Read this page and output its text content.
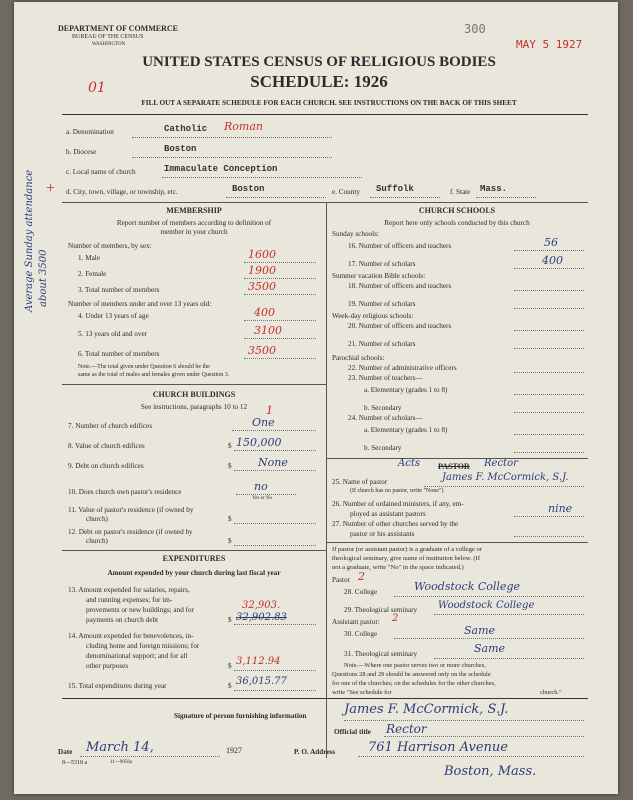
DEPARTMENT OF COMMERCE
BUREAU OF THE CENSUS
WASHINGTON
300
MAY 5 1927
UNITED STATES CENSUS OF RELIGIOUS BODIES
SCHEDULE: 1926
01
FILL OUT A SEPARATE SCHEDULE FOR EACH CHURCH. SEE INSTRUCTIONS ON THE BACK OF THIS SHEET
Average Sunday attendance about 3500
+
a. Denomination	Catholic Roman
b. Diocese	Boston
c. Local name of church	Immaculate Conception
d. City, town, village, or township, etc.	Boston	e. County Suffolk	f. State Mass.
MEMBERSHIP
Report number of members according to definition of
member in your church
Number of members, by sex:
1. Male	1600
2. Female	1900
3. Total number of members	3500
Number of members under and over 13 years old:
4. Under 13 years of age	400
5. 13 years old and over	3100
6. Total number of members	3500
Note.—The total given under Question 6 should be the
same as the total of males and females given under Question 3.
CHURCH BUILDINGS
See instructions, paragraphs 10 to 12
7. Number of church edifices
1
One
8. Value of church edifices	$ 150,000
9. Debt on church edifices	$ None
10. Does church own pastor's residence	no
Yes or No
11. Value of pastor's residence (if owned by
church)	$
12. Debt on pastor's residence (if owned by
church)	$
EXPENDITURES
Amount expended by your church during last fiscal year
13. Amount expended for salaries, repairs,
and running expenses; for im-
provements or new buildings; and for
payments on church debt
32,903.
$ 32,902.83
14. Amount expended for benevolences, in-
cluding home and foreign missions; for
denominational support; and for all
other purposes	$ 3,112.94
15. Total expenditures during year	$ 36,015.77
CHURCH SCHOOLS
Report here only schools conducted by this church
Sunday schools:
16. Number of officers and teachers	56
17. Number of scholars	400
Summer vacation Bible schools:
18. Number of officers and teachers
19. Number of scholars
Week-day religious schools:
20. Number of officers and teachers
21. Number of scholars
Parochial schools:
22. Number of administrative officers
23. Number of teachers—
a. Elementary (grades 1 to 8)
b. Secondary
24. Number of scholars—
a. Elementary (grades 1 to 8)
b. Secondary
Acts PASTOR Rector
25. Name of pastor	James F. McCormick, S.J.
(If church has no pastor, write "None")
26. Number of ordained ministers, if any, em-
ployed as assistant pastors	nine
27. Number of other churches served by the
pastor or his assistants
If pastor (or assistant pastor) is a graduate of a college or
theological seminary, give name of institution below. (If
not a graduate, write "No" in the space indicated.)
Pastor 2
28. College	Woodstock College
29. Theological seminary Woodstock College
Assistant pastor: 2
30. College	Same
31. Theological seminary	Same
Note.—Where one pastor serves two or more churches,
Questions 28 and 29 should be answered only on the schedule
for one of the churches; on the schedules for the other churches,
write "See schedule for	church."
Signature of person furnishing information	James F. McCormick, S.J.
Official title Rector
Date March 14,	1927
8—5318 a	11—9056a
P. O. Address	761 Harrison Avenue
Boston, Mass.
